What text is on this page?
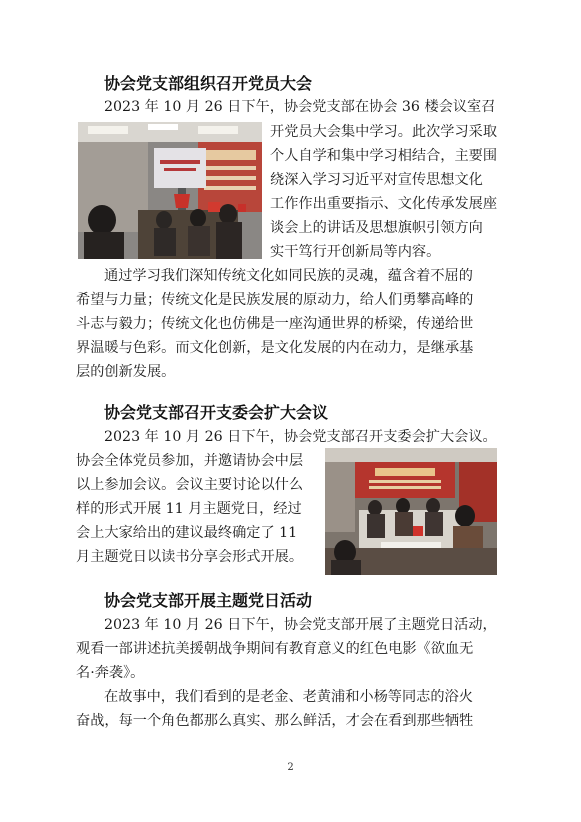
协会党支部组织召开党员大会
2023 年 10 月 26 日下午，协会党支部在协会 36 楼会议室召
开党员大会集中学习。此次学习采取
个人自学和集中学习相结合，主要围
绕深入学习习近平对宣传思想文化
工作作出重要指示、文化传承发展座
谈会上的讲话及思想旗帜引领方向
实干笃行开创新局等内容。
通过学习我们深知传统文化如同民族的灵魂，蕴含着不屈的
希望与力量；传统文化是民族发展的原动力，给人们勇攀高峰的
斗志与毅力；传统文化也仿佛是一座沟通世界的桥梁，传递给世
界温暖与色彩。而文化创新，是文化发展的内在动力，是继承基
层的创新发展。
协会党支部召开支委会扩大会议
2023 年 10 月 26 日下午，协会党支部召开支委会扩大会议。
协会全体党员参加，并邀请协会中层
以上参加会议。会议主要讨论以什么
样的形式开展 11 月主题党日，经过
会上大家给出的建议最终确定了 11
月主题党日以读书分享会形式开展。
协会党支部开展主题党日活动
2023 年 10 月 26 日下午，协会党支部开展了主题党日活动，
观看一部讲述抗美援朝战争期间有教育意义的红色电影《欲血无
名·奔袭》。
在故事中，我们看到的是老金、老黄浦和小杨等同志的浴火
奋战，每一个角色都那么真实、那么鲜活，才会在看到那些牺牲
2
